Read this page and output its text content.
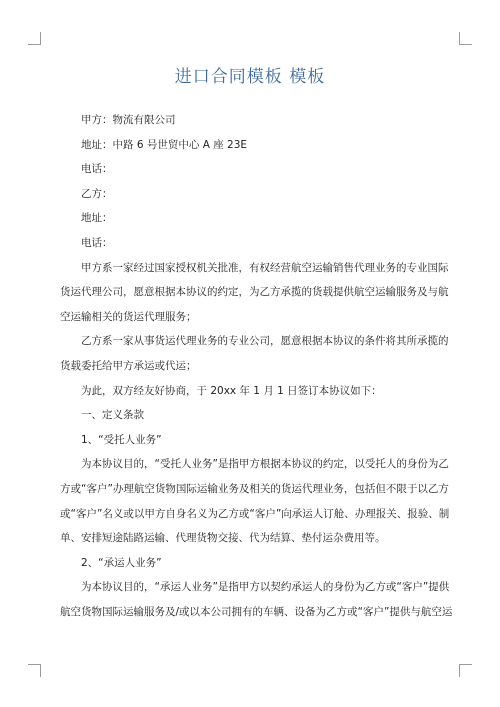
进口合同模板 模板

甲方：物流有限公司

地址：中路 6 号世贸中心 A 座 23E

电话：

乙方：

地址：

电话：

甲方系一家经过国家授权机关批准，有权经营航空运输销售代理业务的专业国际

货运代理公司，愿意根据本协议的约定，为乙方承揽的货载提供航空运输服务及与航

空运输相关的货运代理服务；

乙方系一家从事货运代理业务的专业公司，愿意根据本协议的条件将其所承揽的

货载委托给甲方承运或代运；

为此，双方经友好协商，于 20xx 年 1 月 1 日签订本协议如下：

一、定义条款

1、“受托人业务”

为本协议目的，“受托人业务”是指甲方根据本协议的约定，以受托人的身份为乙

方或“客户”办理航空货物国际运输业务及相关的货运代理业务，包括但不限于以乙方

或“客户”名义或以甲方自身名义为乙方或“客户”向承运人订舱、办理报关、报验、制

单、安排短途陆路运输、代理货物交接、代为结算、垫付运杂费用等。

2、“承运人业务”

为本协议目的，“承运人业务”是指甲方以契约承运人的身份为乙方或“客户”提供

航空货物国际运输服务及/或以本公司拥有的车辆、设备为乙方或“客户”提供与航空运
